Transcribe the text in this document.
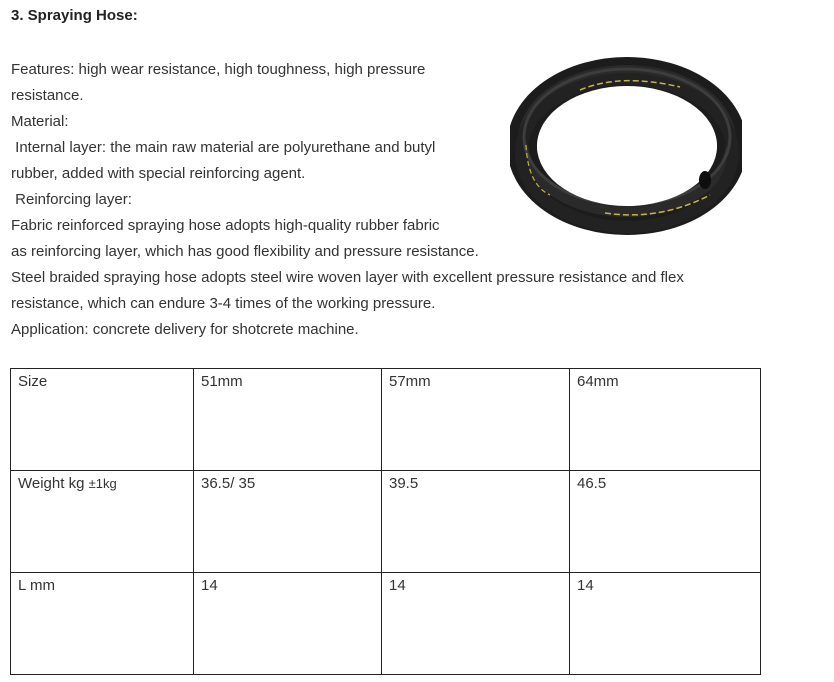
3. Spraying Hose:
Features: high wear resistance, high toughness, high pressure
resistance.
Material:
Internal layer: the main raw material are polyurethane and butyl
rubber, added with special reinforcing agent.
Reinforcing layer:
Fabric reinforced spraying hose adopts high-quality rubber fabric
as reinforcing layer, which has good flexibility and pressure resistance.
Steel braided spraying hose adopts steel wire woven layer with excellent pressure resistance and flex
resistance, which can endure 3-4 times of the working pressure.
Application: concrete delivery for shotcrete machine.
Size	51mm	57mm	64mm
Weight kg ±1kg	36.5/ 35	39.5	46.5
L mm	14	14	14
